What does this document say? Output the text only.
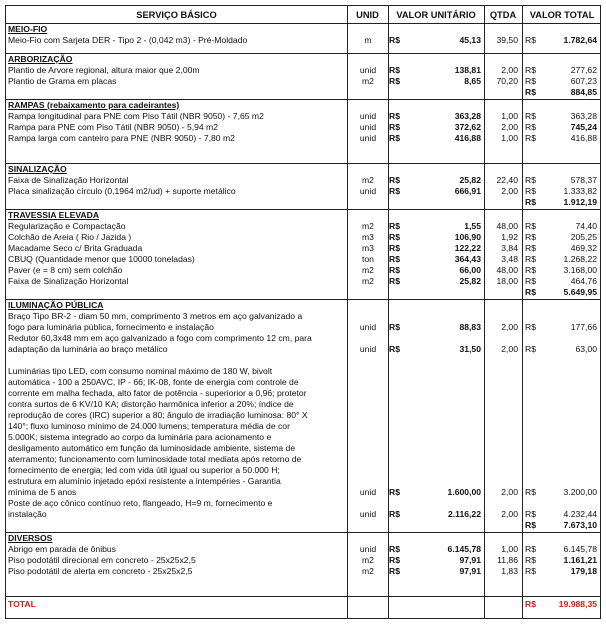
SERVIÇO BÁSICO	UNID	VALOR UNITÁRIO	QTDA	VALOR TOTAL
MEIO-FIO
Meio-Fio com Sarjeta DER - Tipo 2 - (0,042 m3) - Pré-Moldado	m	R$	45,13	39,50 R$	1.782,64
ARBORIZAÇÃO
Plantio de Arvore regional, altura maior que 2,00m	unid	R$	138,81	2,00 R$	277,62
Plantio de Grama em placas	m2	R$	8,65	70,20 R$	607,23
R$	884,85
RAMPAS (rebaixamento para cadeirantes)
Rampa longitudinal para PNE com Piso Tátil (NBR 9050) - 7,65 m2	unid	R$	363,28	1,00 R$	363,28
Rampa para PNE com Piso Tátil (NBR 9050) - 5,94 m2	unid	R$	372,62	2,00 R$	745,24
Rampa larga com canteiro para PNE (NBR 9050) - 7,80 m2	unid	R$	416,88	1,00 R$	416,88
SINALIZAÇÃO
Faixa de Sinalização Horizontal	m2	R$	25,82	22,40 R$	578,37
Placa sinalização círculo (0,1964 m2/ud) + suporte metálico	unid	R$	666,91	2,00 R$	1.333,82
R$	1.912,19
TRAVESSIA ELEVADA
Regularização e Compactação	m2	R$	1,55	48,00 R$	74,40
Colchão de Areia ( Rio / Jazida )	m3	R$	106,90	1,92 R$	205,25
Macadame Seco c/ Brita Graduada	m3	R$	122,22	3,84 R$	469,32
CBUQ (Quantidade menor que 10000 toneladas)	ton	R$	364,43	3,48 R$	1.268,22
Paver (e = 8 cm) sem colchão	m2	R$	66,00	48,00 R$	3.168,00
Faixa de Sinalização Horizontal	m2	R$	25,82	18,00 R$	464,76
R$	5.649,95
ILUMINAÇÃO PÚBLICA
Braço Tipo BR-2 - diam 50 mm, comprimento 3 metros em aço galvanizado a
fogo para luminária pública, fornecimento e instalação	unid	R$	88,83	2,00 R$	177,66
Redutor 60,3x48 mm em aço galvanizado a fogo com comprimento 12 cm, para
adaptação da luminária ao braço metálico	unid	R$	31,50	2,00 R$	63,00
Luminárias tipo LED, com consumo nominal máximo de 180 W, bivolt
automática - 100 a 250AVC, IP - 66; IK-08, fonte de energia com controle de
corrente em malha fechada, alto fator de potência - superiorior a 0,96; protetor
contra surtos de 6 KV/10 KA; distorção harmônica inferior a 20%; índice de
reprodução de cores (IRC) superior a 80; ângulo de irradiação luminosa: 80° X
140°; fluxo luminoso mínimo de 24.000 lumens; temperatura média de cor
5.000K; sistema integrado ao corpo da luminária para acionamento e
desligamento automático em função da luminosidade ambiente, sistema de
aterramento; funcionamento com luminosidade total mediata após retorno de
fornecimento de energia; led com vida útil igual ou superior a 50.000 H;
estrutura em alumínio injetado epóxi resistente a intempéries - Garantia
mínima de 5 anos	unid	R$	1.600,00	2,00 R$	3.200,00
Poste de aço cônico contínuo reto, flangeado, H=9 m, fornecimento e
instalação	unid	R$	2.116,22	2,00 R$	4.232,44
R$	7.673,10
DIVERSOS
Abrigo em parada de ônibus	unid	R$	6.145,78	1,00 R$	6.145,78
Piso podotátil direcional em concreto - 25x25x2,5	m2	R$	97,91	11,86 R$	1.161,21
Piso podotátil de alerta em concreto - 25x25x2,5	m2	R$	97,91	1,83 R$	179,18
TOTAL	R$	19.988,35
